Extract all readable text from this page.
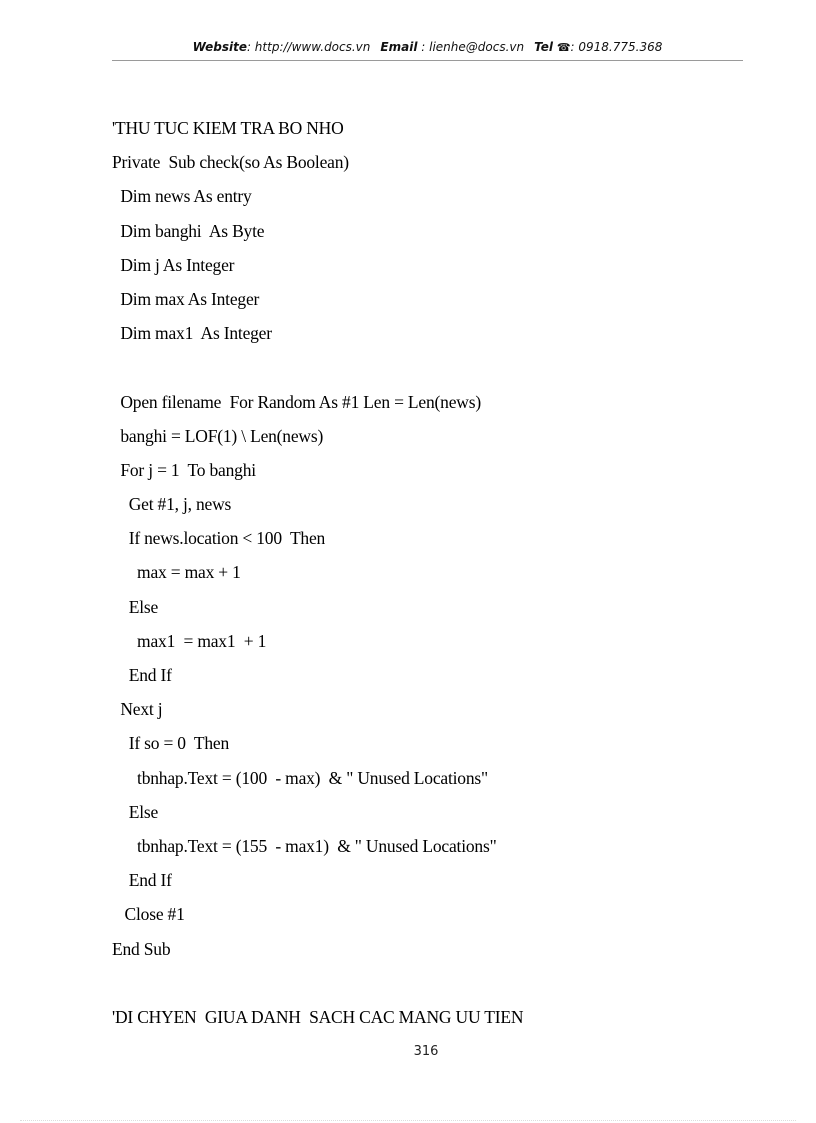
Website: http://www.docs.vn Email : lienhe@docs.vn Tel ☎: 0918.775.368
'THU TUC KIEM TRA BO NHO
Private  Sub check(so As Boolean)
Dim news As entry
Dim banghi  As Byte
Dim j As Integer
Dim max As Integer
Dim max1  As Integer
Open filename  For Random As #1 Len = Len(news)
banghi = LOF(1) \ Len(news)
For j = 1  To banghi
Get #1, j, news
If news.location < 100  Then
max = max + 1
Else
max1  = max1  + 1
End If
Next j
If so = 0  Then
tbnhap.Text = (100  - max)  & " Unused Locations"
Else
tbnhap.Text = (155  - max1)  & " Unused Locations"
End If
Close #1
End Sub
'DI CHYEN  GIUA DANH  SACH CAC MANG UU TIEN
316
